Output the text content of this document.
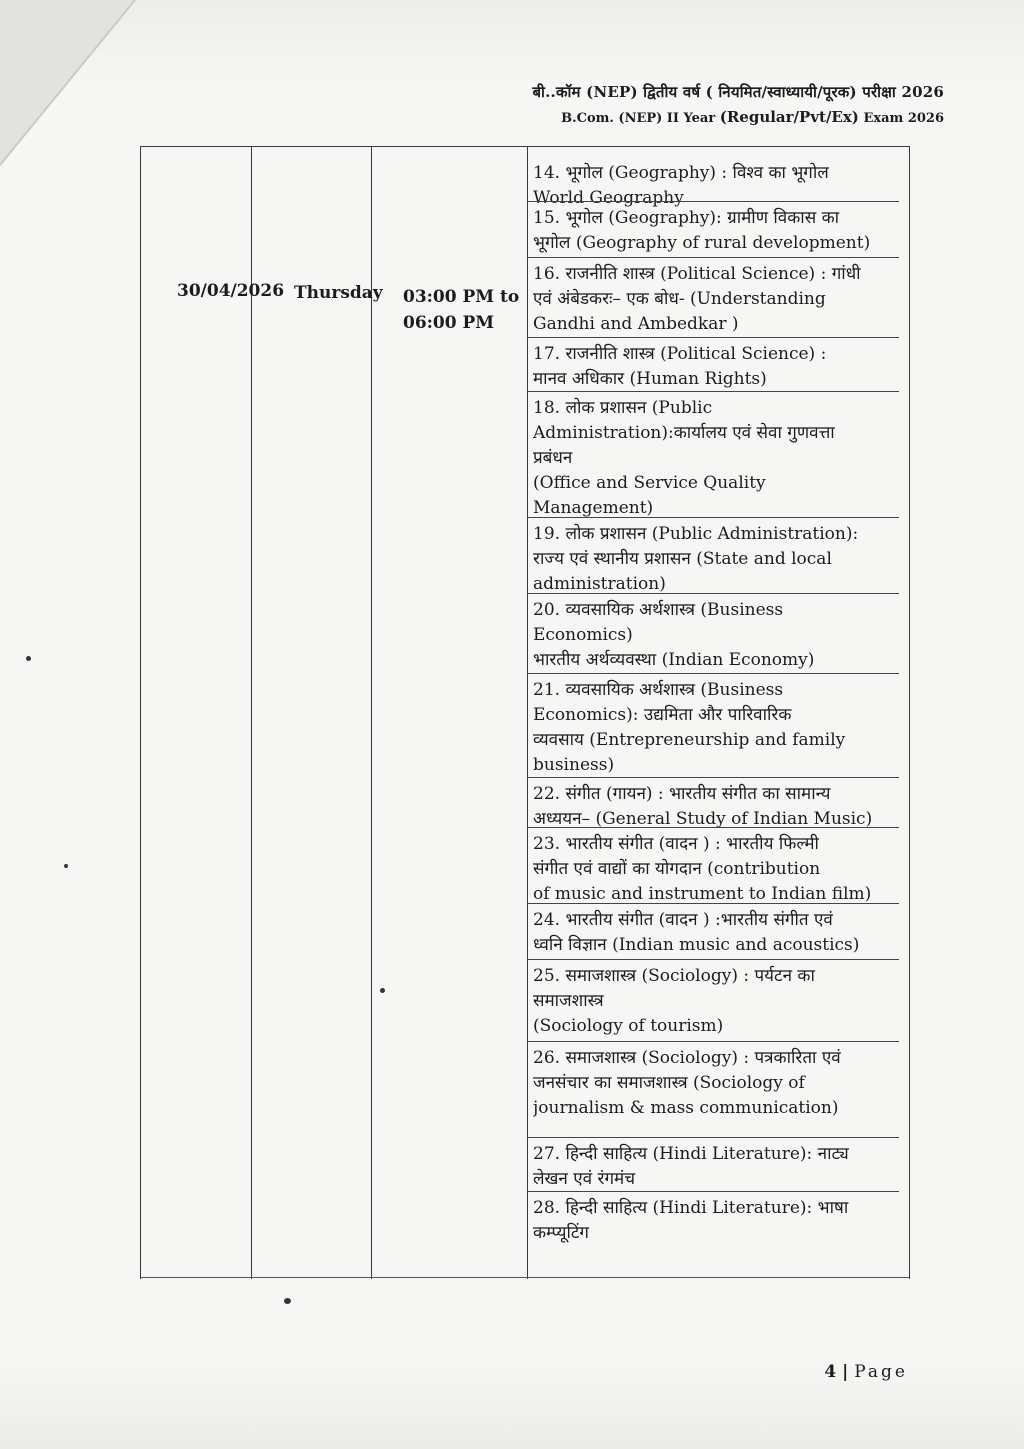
बी..कॉम (NEP) द्वितीय वर्ष ( नियमित/स्वाध्यायी/पूरक) परीक्षा 2026
B.Com. (NEP) II Year (Regular/Pvt/Ex) Exam 2026
30/04/2026 Thursday 03:00 PM to
06:00 PM
14. भूगोल (Geography) : विश्व का भूगोल
World Geography
15. भूगोल (Geography): ग्रामीण विकास का
भूगोल (Geography of rural development)
16. राजनीति शास्त्र (Political Science) : गांधी
एवं अंबेडकरः– एक बोध- (Understanding
Gandhi and Ambedkar )
17. राजनीति शास्त्र (Political Science) :
मानव अधिकार (Human Rights)
18. लोक प्रशासन (Public
Administration):कार्यालय एवं सेवा गुणवत्ता
प्रबंधन
(Office and Service Quality
Management)
19. लोक प्रशासन (Public Administration):
राज्य एवं स्थानीय प्रशासन (State and local
administration)
20. व्यवसायिक अर्थशास्त्र (Business
Economics)
भारतीय अर्थव्यवस्था (Indian Economy)
21. व्यवसायिक अर्थशास्त्र (Business
Economics): उद्यमिता और पारिवारिक
व्यवसाय (Entrepreneurship and family
business)
22. संगीत (गायन) : भारतीय संगीत का सामान्य
अध्ययन– (General Study of Indian Music)
23. भारतीय संगीत (वादन ) : भारतीय फिल्मी
संगीत एवं वाद्यों का योगदान (contribution
of music and instrument to Indian film)
24. भारतीय संगीत (वादन ) :भारतीय संगीत एवं
ध्वनि विज्ञान (Indian music and acoustics)
25. समाजशास्त्र (Sociology) : पर्यटन का
समाजशास्त्र
(Sociology of tourism)
26. समाजशास्त्र (Sociology) : पत्रकारिता एवं
जनसंचार का समाजशास्त्र (Sociology of
journalism & mass communication)
27. हिन्दी साहित्य (Hindi Literature): नाट्य
लेखन एवं रंगमंच
28. हिन्दी साहित्य (Hindi Literature): भाषा
कम्प्यूटिंग
4 | Page
